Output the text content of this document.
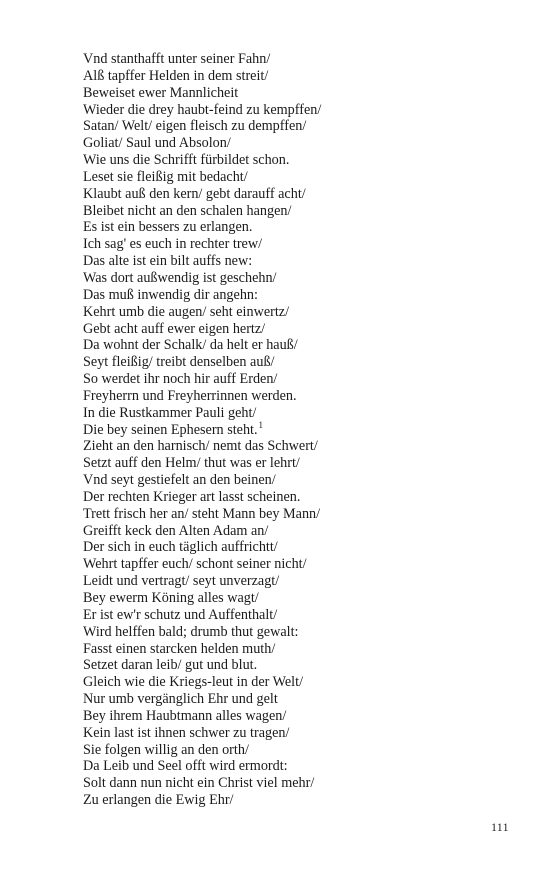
Vnd stanthafft unter seiner Fahn/
Alß tapffer Helden in dem streit/
Beweiset ewer Mannlicheit
Wieder die drey haubt-feind zu kempffen/
Satan/ Welt/ eigen fleisch zu dempffen/
Goliat/ Saul und Absolon/
Wie uns die Schrifft fürbildet schon.
Leset sie fleißig mit bedacht/
Klaubt auß den kern/ gebt darauff acht/
Bleibet nicht an den schalen hangen/
Es ist ein bessers zu erlangen.
Ich sag' es euch in rechter trew/
Das alte ist ein bilt auffs new:
Was dort außwendig ist geschehn/
Das muß inwendig dir angehn:
Kehrt umb die augen/ seht einwertz/
Gebt acht auff ewer eigen hertz/
Da wohnt der Schalk/ da helt er hauß/
Seyt fleißig/ treibt denselben auß/
So werdet ihr noch hir auff Erden/
Freyherrn und Freyherrinnen werden.
In die Rustkammer Pauli geht/
Die bey seinen Ephesern steht.$^1$
Zieht an den harnisch/ nemt das Schwert/
Setzt auff den Helm/ thut was er lehrt/
Vnd seyt gestiefelt an den beinen/
Der rechten Krieger art lasst scheinen.
Trett frisch her an/ steht Mann bey Mann/
Greifft keck den Alten Adam an/
Der sich in euch täglich auffrichtt/
Wehrt tapffer euch/ schont seiner nicht/
Leidt und vertragt/ seyt unverzagt/
Bey ewerm Köning alles wagt/
Er ist ew'r schutz und Auffenthalt/
Wird helffen bald; drumb thut gewalt:
Fasst einen starcken helden muth/
Setzet daran leib/ gut und blut.
Gleich wie die Kriegs-leut in der Welt/
Nur umb vergänglich Ehr und gelt
Bey ihrem Haubtmann alles wagen/
Kein last ist ihnen schwer zu tragen/
Sie folgen willig an den orth/
Da Leib und Seel offt wird ermordt:
Solt dann nun nicht ein Christ viel mehr/
Zu erlangen die Ewig Ehr/
111
